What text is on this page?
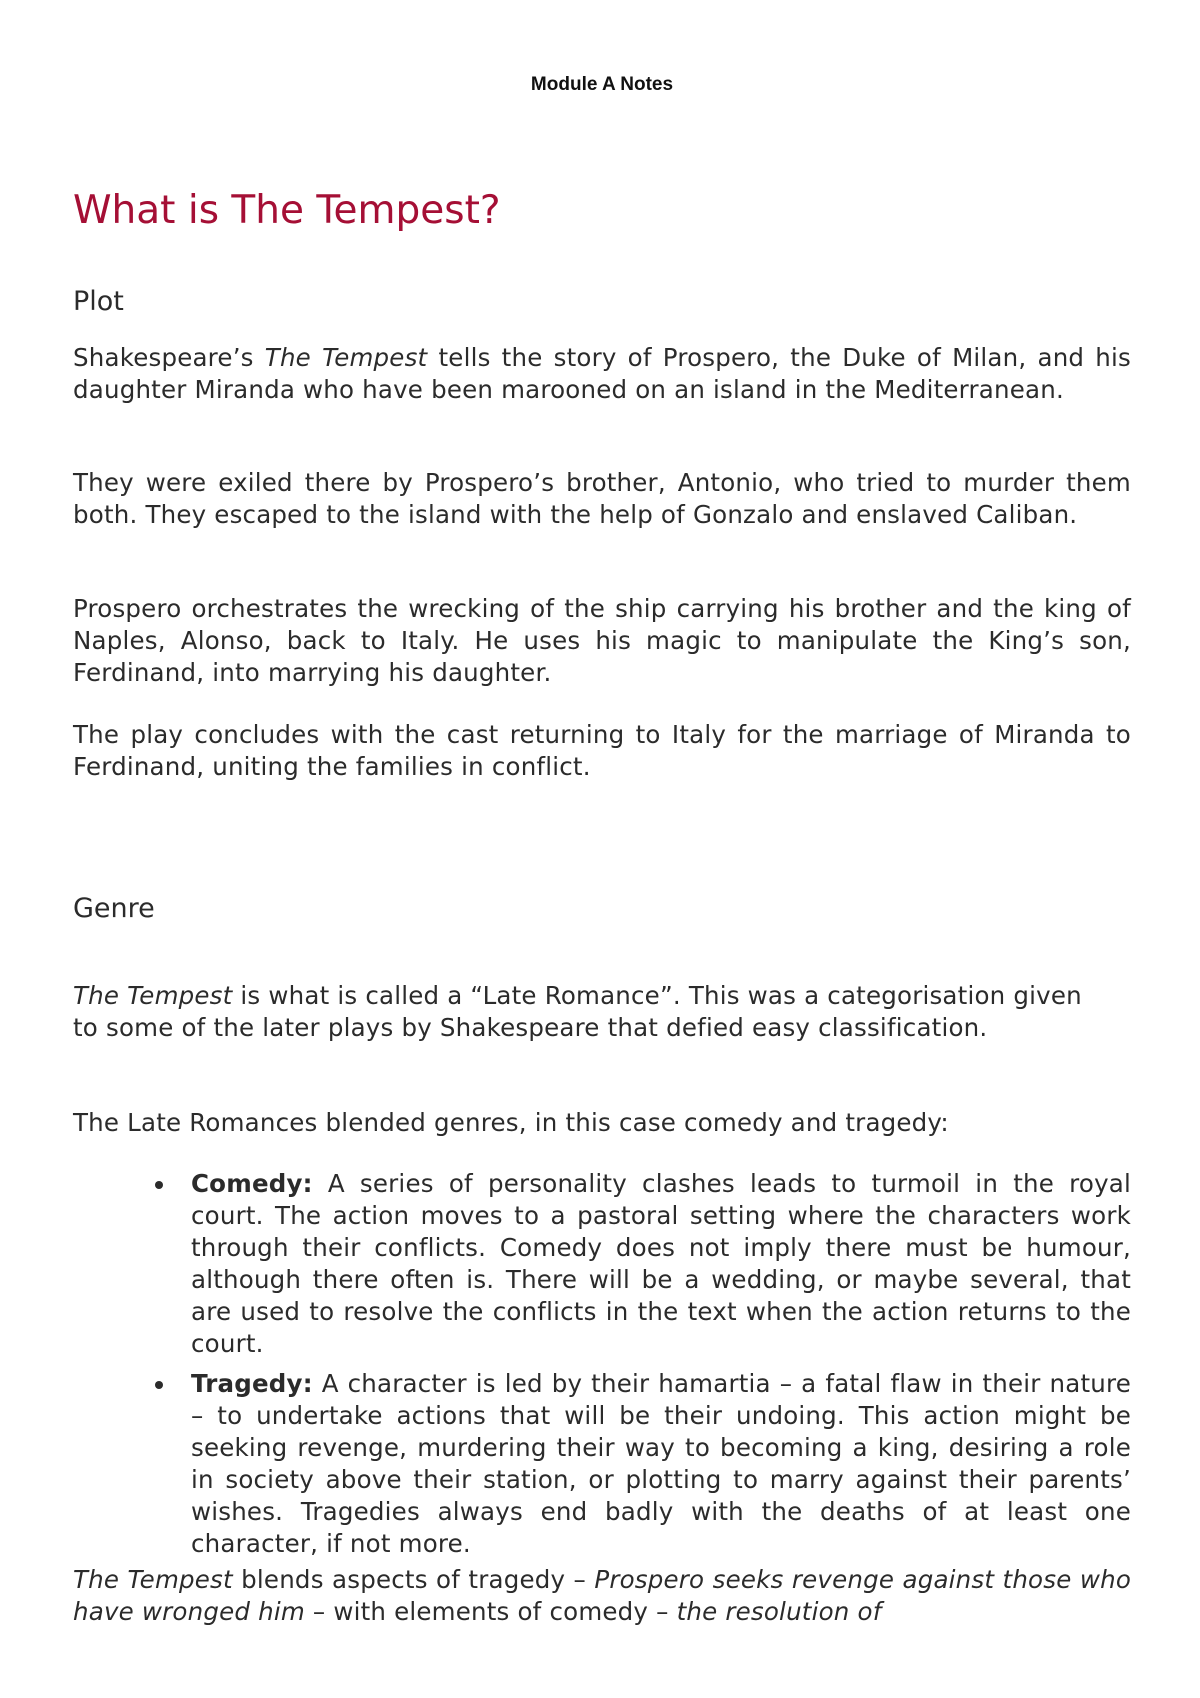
Module A Notes
What is The Tempest?
Plot

Shakespeare’s The Tempest tells the story of Prospero, the Duke of Milan, and his daughter Miranda who have been marooned on an island in the Mediterranean.

They were exiled there by Prospero’s brother, Antonio, who tried to murder them both. They escaped to the island with the help of Gonzalo and enslaved Caliban.

Prospero orchestrates the wrecking of the ship carrying his brother and the king of Naples, Alonso, back to Italy. He uses his magic to manipulate the King’s son, Ferdinand, into marrying his daughter.

The play concludes with the cast returning to Italy for the marriage of Miranda to Ferdinand, uniting the families in conflict.

Genre

The Tempest is what is called a “Late Romance”. This was a categorisation given to some of the later plays by Shakespeare that defied easy classification.

The Late Romances blended genres, in this case comedy and tragedy:

Comedy: A series of personality clashes leads to turmoil in the royal court. The action moves to a pastoral setting where the characters work through their conflicts. Comedy does not imply there must be humour, although there often is. There will be a wedding, or maybe several, that are used to resolve the conflicts in the text when the action returns to the court.
Tragedy: A character is led by their hamartia – a fatal flaw in their nature – to undertake actions that will be their undoing. This action might be seeking revenge, murdering their way to becoming a king, desiring a role in society above their station, or plotting to marry against their parents’ wishes. Tragedies always end badly with the deaths of at least one character, if not more.

The Tempest blends aspects of tragedy – Prospero seeks revenge against those who have wronged him – with elements of comedy – the resolution of
